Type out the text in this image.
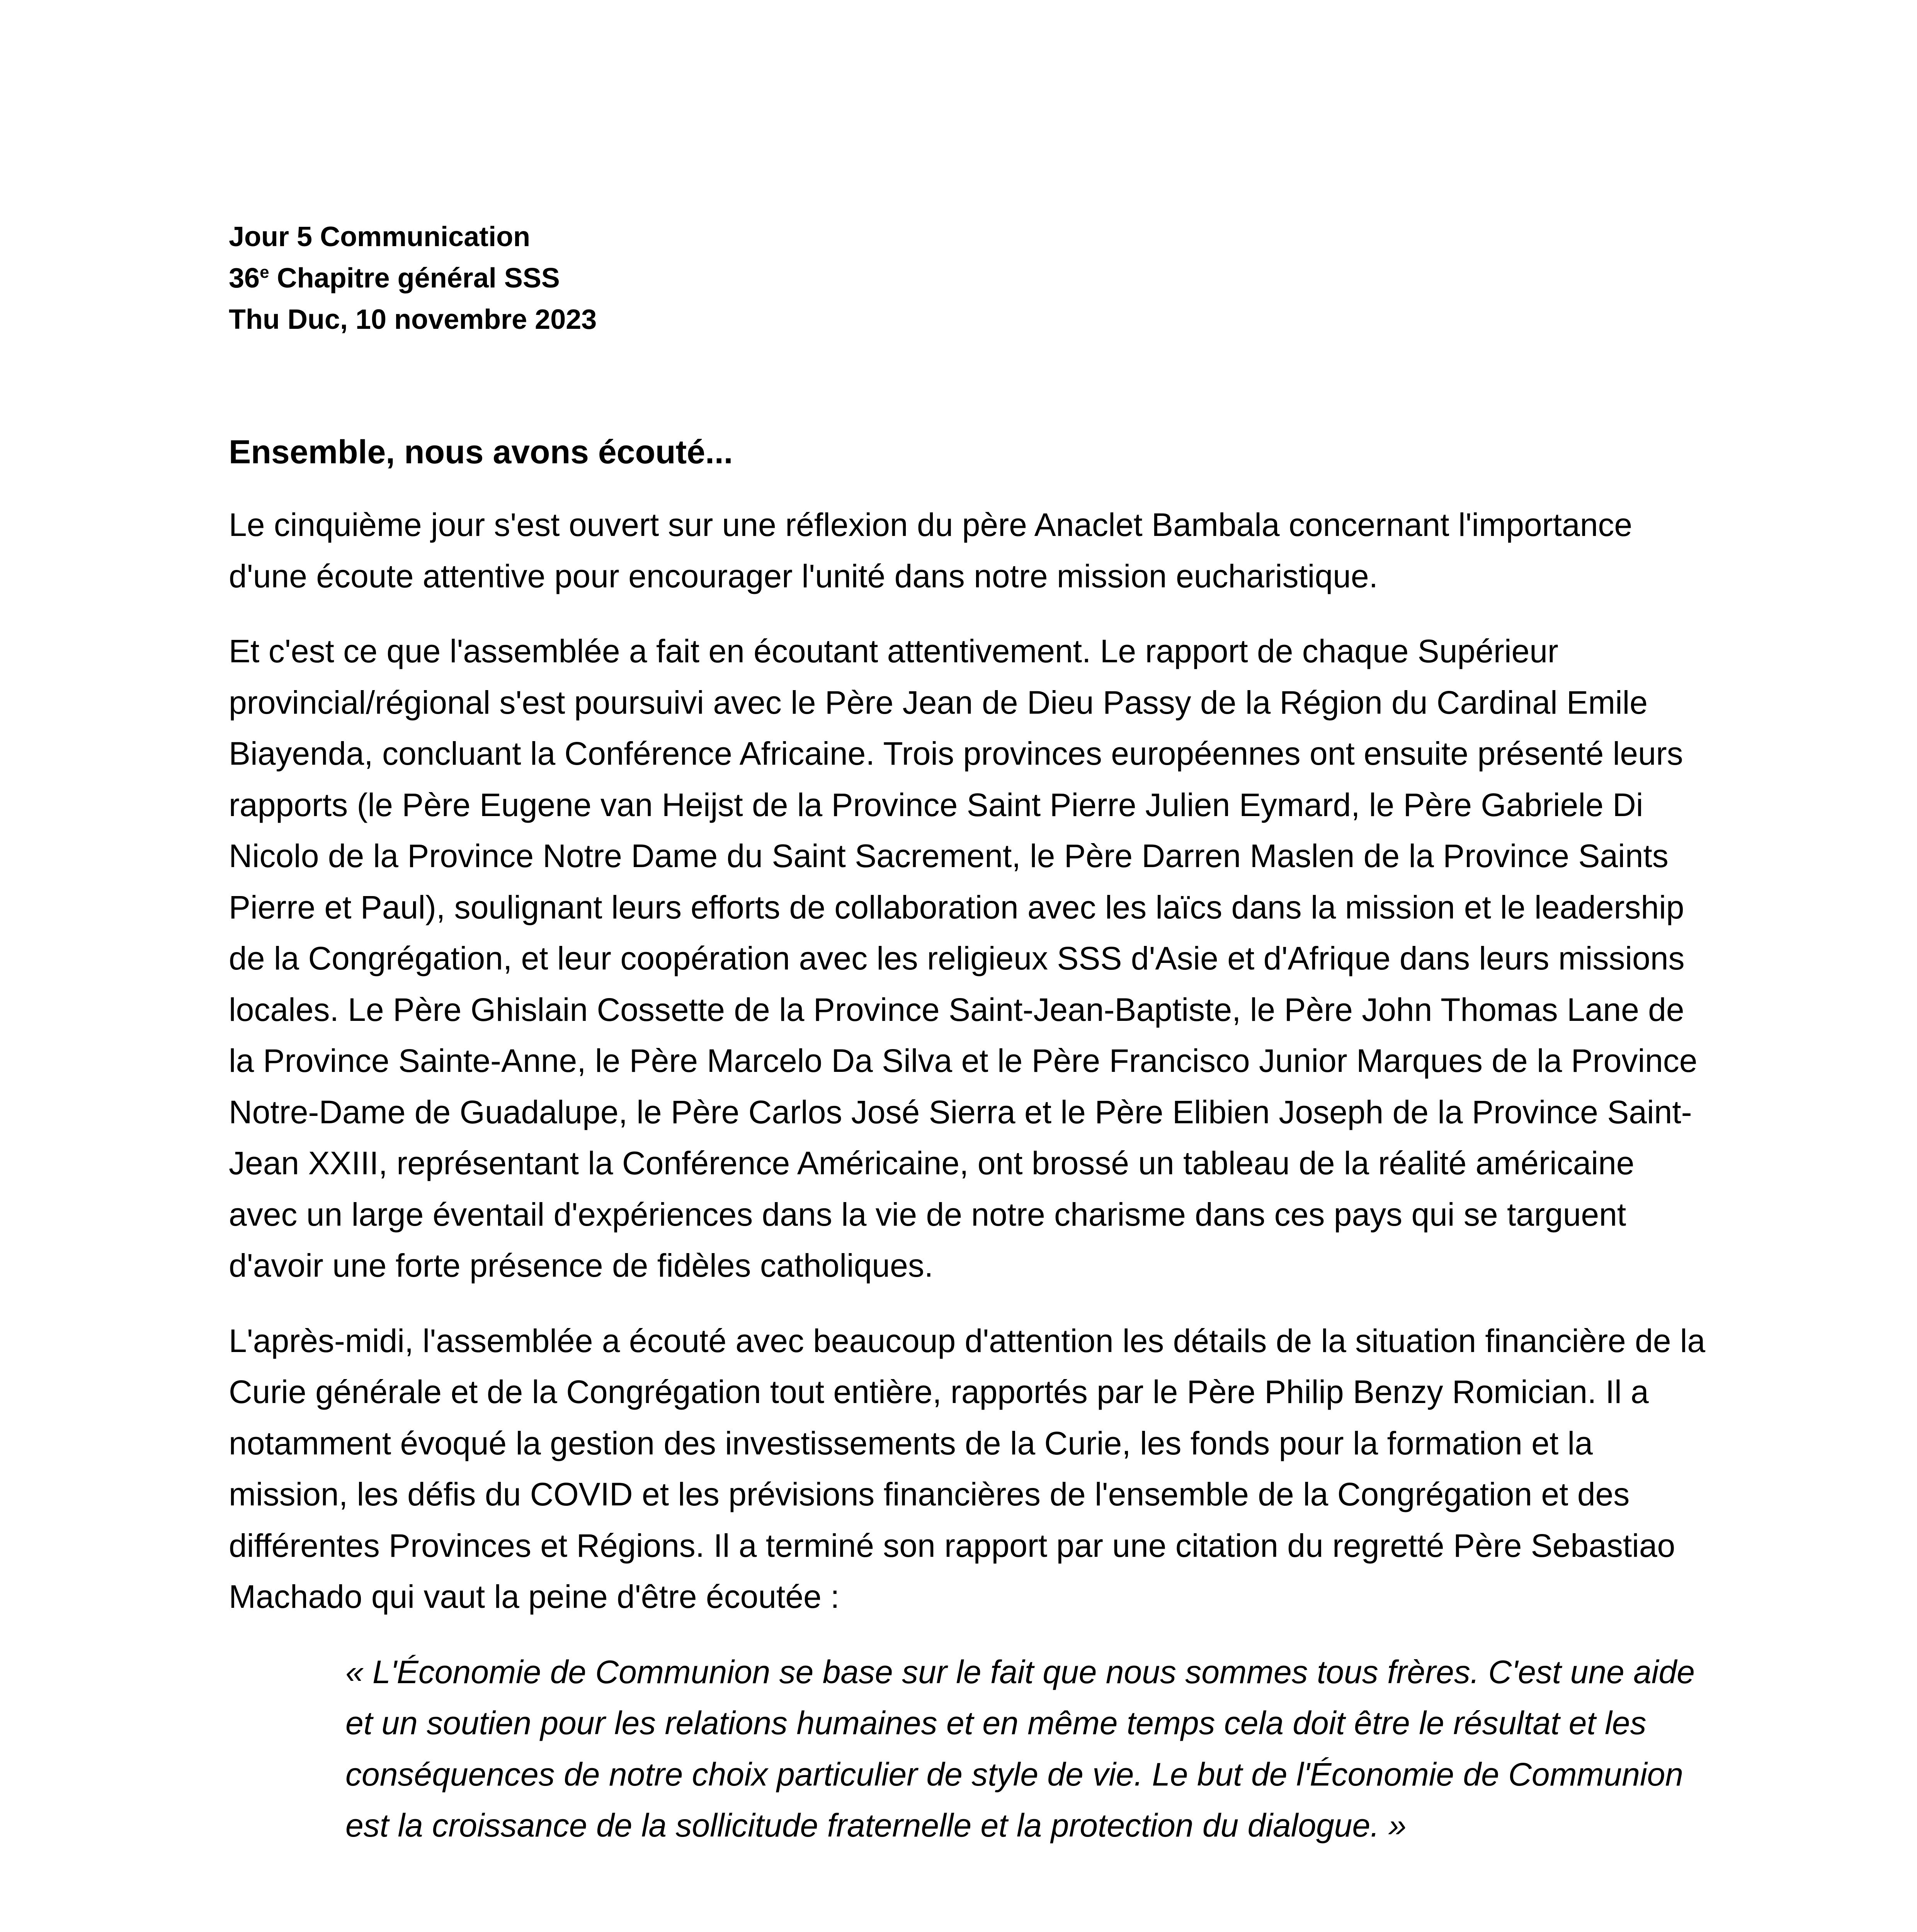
Jour 5 Communication

36e Chapitre général SSS

Thu Duc, 10 novembre 2023

Ensemble, nous avons écouté...

Le cinquième jour s'est ouvert sur une réflexion du père Anaclet Bambala concernant l'importance d'une écoute attentive pour encourager l'unité dans notre mission eucharistique.

Et c'est ce que l'assemblée a fait en écoutant attentivement. Le rapport de chaque Supérieur provincial/régional s'est poursuivi avec le Père Jean de Dieu Passy de la Région du Cardinal Emile Biayenda, concluant la Conférence Africaine. Trois provinces européennes ont ensuite présenté leurs rapports (le Père Eugene van Heijst de la Province Saint Pierre Julien Eymard, le Père Gabriele Di Nicolo de la Province Notre Dame du Saint Sacrement, le Père Darren Maslen de la Province Saints Pierre et Paul), soulignant leurs efforts de collaboration avec les laïcs dans la mission et le leadership de la Congrégation, et leur coopération avec les religieux SSS d'Asie et d'Afrique dans leurs missions locales. Le Père Ghislain Cossette de la Province Saint-Jean-Baptiste, le Père John Thomas Lane de la Province Sainte-Anne, le Père Marcelo Da Silva et le Père Francisco Junior Marques de la Province Notre-Dame de Guadalupe, le Père Carlos José Sierra et le Père Elibien Joseph de la Province Saint-Jean XXIII, représentant la Conférence Américaine, ont brossé un tableau de la réalité américaine avec un large éventail d'expériences dans la vie de notre charisme dans ces pays qui se targuent d'avoir une forte présence de fidèles catholiques.

L'après-midi, l'assemblée a écouté avec beaucoup d'attention les détails de la situation financière de la Curie générale et de la Congrégation tout entière, rapportés par le Père Philip Benzy Romician. Il a notamment évoqué la gestion des investissements de la Curie, les fonds pour la formation et la mission, les défis du COVID et les prévisions financières de l'ensemble de la Congrégation et des différentes Provinces et Régions. Il a terminé son rapport par une citation du regretté Père Sebastiao Machado qui vaut la peine d'être écoutée :

« L'Économie de Communion se base sur le fait que nous sommes tous frères. C'est une aide et un soutien pour les relations humaines et en même temps cela doit être le résultat et les conséquences de notre choix particulier de style de vie. Le but de l'Économie de Communion est la croissance de la sollicitude fraternelle et la protection du dialogue. »
